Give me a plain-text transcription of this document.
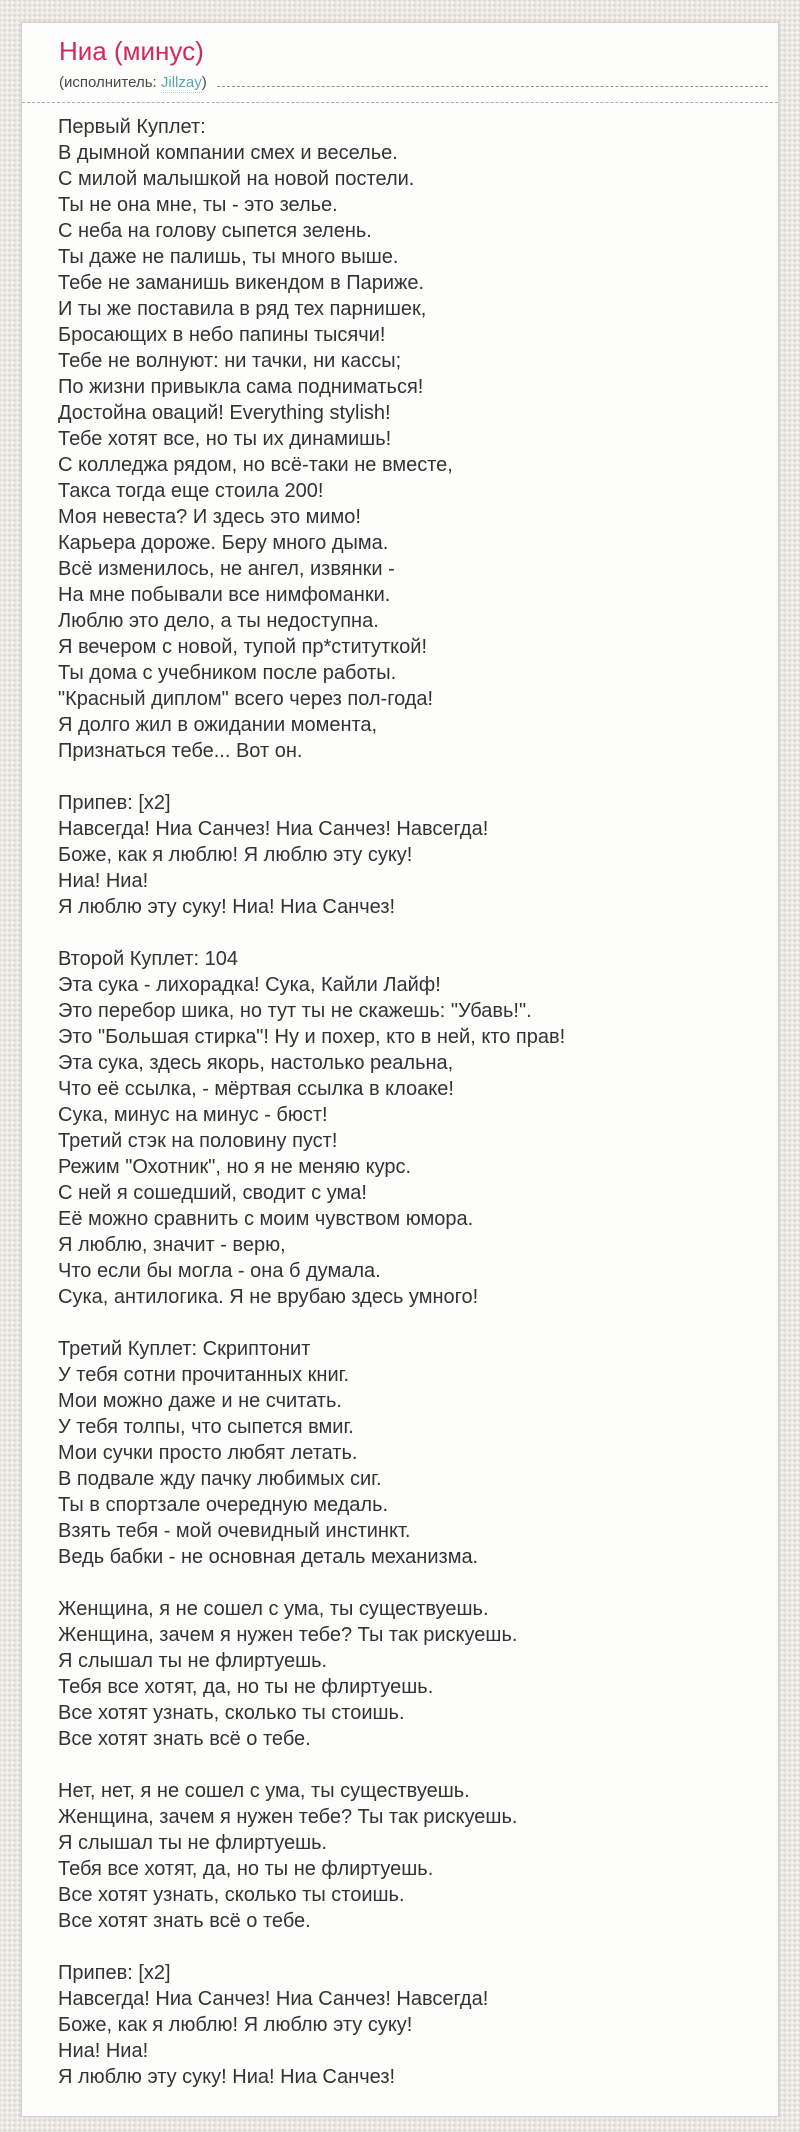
Ниа (минус)
(исполнитель: Jillzay )
Первый Куплет:
В дымной компании смех и веселье.
С милой малышкой на новой постели.
Ты не она мне, ты - это зелье.
С неба на голову сыпется зелень.
Ты даже не палишь, ты много выше.
Тебе не заманишь викендом в Париже.
И ты же поставила в ряд тех парнишек,
Бросающих в небо папины тысячи!
Тебе не волнуют: ни тачки, ни кассы;
По жизни привыкла сама подниматься!
Достойна оваций! Everything stylish!
Тебе хотят все, но ты их динамишь!
С колледжа рядом, но всё-таки не вместе,
Такса тогда еще стоила 200!
Моя невеста? И здесь это мимо!
Карьера дороже. Беру много дыма.
Всё изменилось, не ангел, извянки -
На мне побывали все нимфоманки.
Люблю это дело, а ты недоступна.
Я вечером с новой, тупой пр*ституткой!
Ты дома с учебником после работы.
"Красный диплом" всего через пол-года!
Я долго жил в ожидании момента,
Признаться тебе... Вот он.
Припев: [x2]
Навсегда! Ниа Санчез! Ниа Санчез! Навсегда!
Боже, как я люблю! Я люблю эту суку!
Ниа! Ниа!
Я люблю эту суку! Ниа! Ниа Санчез!
Второй Куплет: 104
Эта сука - лихорадка! Сука, Кайли Лайф!
Это перебор шика, но тут ты не скажешь: "Убавь!".
Это "Большая стирка"! Ну и похер, кто в ней, кто прав!
Эта сука, здесь якорь, настолько реальна,
Что её ссылка, - мёртвая ссылка в клоаке!
Сука, минус на минус - бюст!
Третий стэк на половину пуст!
Режим "Охотник", но я не меняю курс.
С ней я сошедший, сводит с ума!
Её можно сравнить с моим чувством юмора.
Я люблю, значит - верю,
Что если бы могла - она б думала.
Сука, антилогика. Я не врубаю здесь умного!
Третий Куплет: Скриптонит
У тебя сотни прочитанных книг.
Мои можно даже и не считать.
У тебя толпы, что сыпется вмиг.
Мои сучки просто любят летать.
В подвале жду пачку любимых сиг.
Ты в спортзале очередную медаль.
Взять тебя - мой очевидный инстинкт.
Ведь бабки - не основная деталь механизма.
Женщина, я не сошел с ума, ты существуешь.
Женщина, зачем я нужен тебе? Ты так рискуешь.
Я слышал ты не флиртуешь.
Тебя все хотят, да, но ты не флиртуешь.
Все хотят узнать, сколько ты стоишь.
Все хотят знать всё о тебе.
Нет, нет, я не сошел с ума, ты существуешь.
Женщина, зачем я нужен тебе? Ты так рискуешь.
Я слышал ты не флиртуешь.
Тебя все хотят, да, но ты не флиртуешь.
Все хотят узнать, сколько ты стоишь.
Все хотят знать всё о тебе.
Припев: [x2]
Навсегда! Ниа Санчез! Ниа Санчез! Навсегда!
Боже, как я люблю! Я люблю эту суку!
Ниа! Ниа!
Я люблю эту суку! Ниа! Ниа Санчез!
